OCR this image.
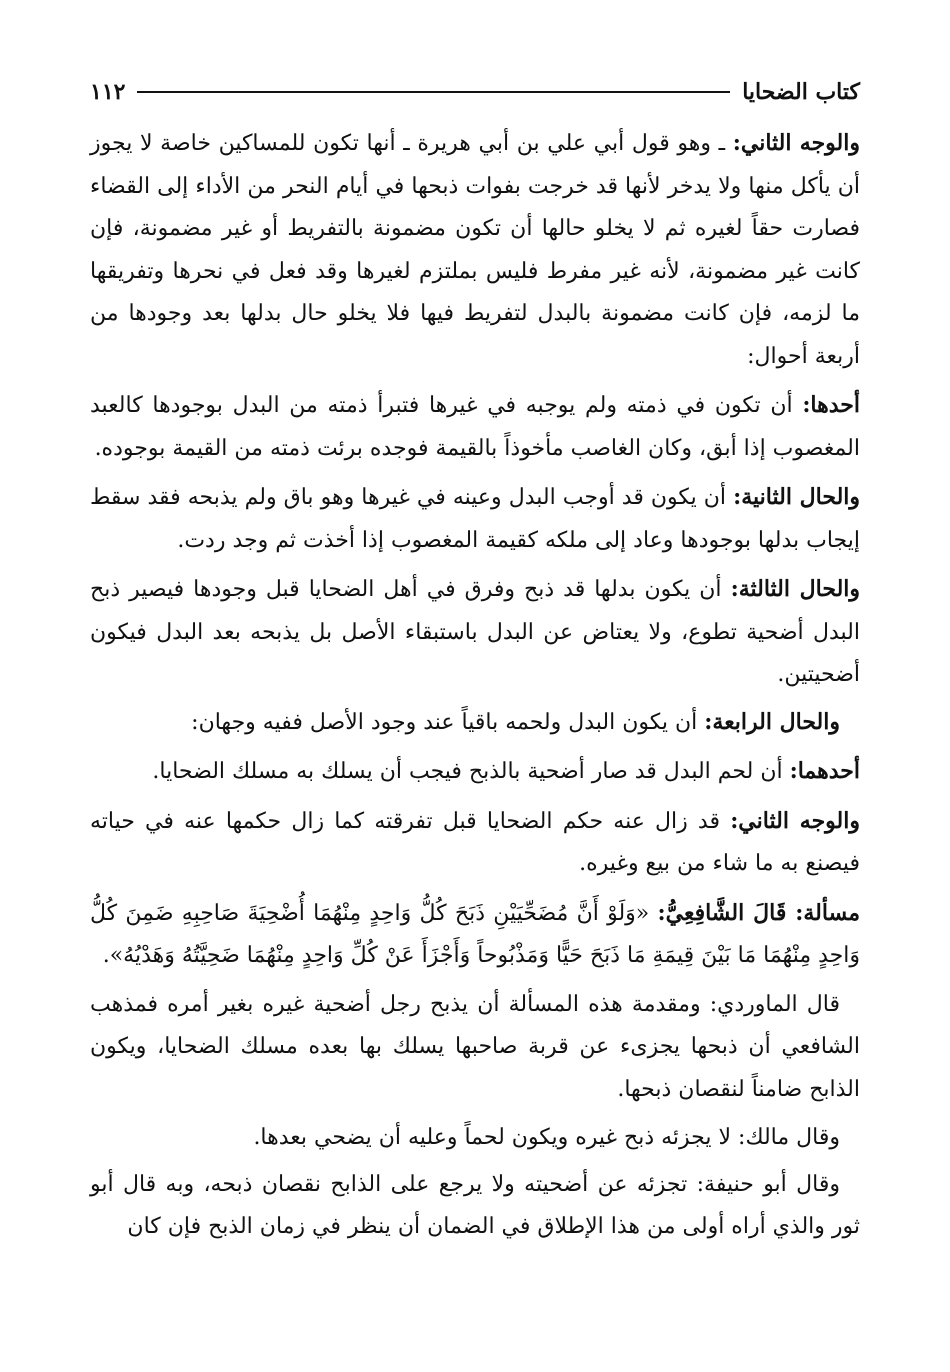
كتاب الضحايا
١١٢

والوجه الثاني: ـ وهو قول أبي علي بن أبي هريرة ـ أنها تكون للمساكين خاصة لا يجوز أن يأكل منها ولا يدخر لأنها قد خرجت بفوات ذبحها في أيام النحر من الأداء إلى القضاء فصارت حقاً لغيره ثم لا يخلو حالها أن تكون مضمونة بالتفريط أو غير مضمونة، فإن كانت غير مضمونة، لأنه غير مفرط فليس بملتزم لغيرها وقد فعل في نحرها وتفريقها ما لزمه، فإن كانت مضمونة بالبدل لتفريط فيها فلا يخلو حال بدلها بعد وجودها من أربعة أحوال:

أحدها: أن تكون في ذمته ولم يوجبه في غيرها فتبرأ ذمته من البدل بوجودها كالعبد المغصوب إذا أبق، وكان الغاصب مأخوذاً بالقيمة فوجده برئت ذمته من القيمة بوجوده.

والحال الثانية: أن يكون قد أوجب البدل وعينه في غيرها وهو باق ولم يذبحه فقد سقط إيجاب بدلها بوجودها وعاد إلى ملكه كقيمة المغصوب إذا أخذت ثم وجد ردت.

والحال الثالثة: أن يكون بدلها قد ذبح وفرق في أهل الضحايا قبل وجودها فيصير ذبح البدل أضحية تطوع، ولا يعتاض عن البدل باستبقاء الأصل بل يذبحه بعد البدل فيكون أضحيتين.

والحال الرابعة: أن يكون البدل ولحمه باقياً عند وجود الأصل ففيه وجهان:

أحدهما: أن لحم البدل قد صار أضحية بالذبح فيجب أن يسلك به مسلك الضحايا.

والوجه الثاني: قد زال عنه حكم الضحايا قبل تفرقته كما زال حكمها عنه في حياته فيصنع به ما شاء من بيع وغيره.

مسألة: قَالَ الشَّافِعِيُّ: «وَلَوْ أَنَّ مُضَحِّيَيْنِ ذَبَحَ كُلُّ وَاحِدٍ مِنْهُمَا أُضْحِيَةَ صَاحِبِهِ ضَمِنَ كُلُّ وَاحِدٍ مِنْهُمَا مَا بَيْنَ قِيمَةِ مَا ذَبَحَ حَيًّا وَمَذْبُوحاً وَأَجْزَأَ عَنْ كُلِّ وَاحِدٍ مِنْهُمَا ضَحِيَّتُهُ وَهَدْيُهُ».

قال الماوردي: ومقدمة هذه المسألة أن يذبح رجل أضحية غيره بغير أمره فمذهب الشافعي أن ذبحها يجزىء عن قربة صاحبها يسلك بها بعده مسلك الضحايا، ويكون الذابح ضامناً لنقصان ذبحها.

وقال مالك: لا يجزئه ذبح غيره ويكون لحماً وعليه أن يضحي بعدها.

وقال أبو حنيفة: تجزئه عن أضحيته ولا يرجع على الذابح نقصان ذبحه، وبه قال أبو ثور والذي أراه أولى من هذا الإطلاق في الضمان أن ينظر في زمان الذبح فإن كان
